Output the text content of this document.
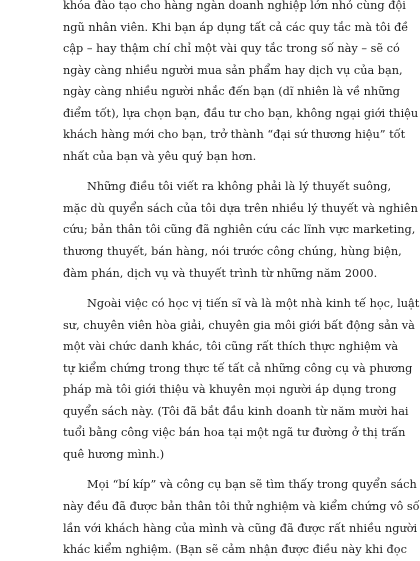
khóa đào tạo cho hàng ngàn doanh nghiệp lớn nhỏ cùng đội
ngũ nhân viên. Khi bạn áp dụng tất cả các quy tắc mà tôi đề
cập – hay thậm chí chỉ một vài quy tắc trong số này – sẽ có
ngày càng nhiều người mua sản phẩm hay dịch vụ của bạn,
ngày càng nhiều người nhắc đến bạn (dĩ nhiên là về những
điểm tốt), lựa chọn bạn, đầu tư cho bạn, không ngại giới thiệu
khách hàng mới cho bạn, trở thành “đại sứ thương hiệu” tốt
nhất của bạn và yêu quý bạn hơn.
Những điều tôi viết ra không phải là lý thuyết suông,
mặc dù quyển sách của tôi dựa trên nhiều lý thuyết và nghiên
cứu; bản thân tôi cũng đã nghiên cứu các lĩnh vực marketing,
thương thuyết, bán hàng, nói trước công chúng, hùng biện,
đàm phán, dịch vụ và thuyết trình từ những năm 2000.
Ngoài việc có học vị tiến sĩ và là một nhà kinh tế học, luật
sư, chuyên viên hòa giải, chuyên gia môi giới bất động sản và
một vài chức danh khác, tôi cũng rất thích thực nghiệm và
tự kiểm chứng trong thực tế tất cả những công cụ và phương
pháp mà tôi giới thiệu và khuyên mọi người áp dụng trong
quyển sách này. (Tôi đã bắt đầu kinh doanh từ năm mười hai
tuổi bằng công việc bán hoa tại một ngã tư đường ở thị trấn
quê hương mình.)
Mọi “bí kíp” và công cụ bạn sẽ tìm thấy trong quyển sách
này đều đã được bản thân tôi thử nghiệm và kiểm chứng vô số
lần với khách hàng của mình và cũng đã được rất nhiều người
khác kiểm nghiệm. (Bạn sẽ cảm nhận được điều này khi đọc
